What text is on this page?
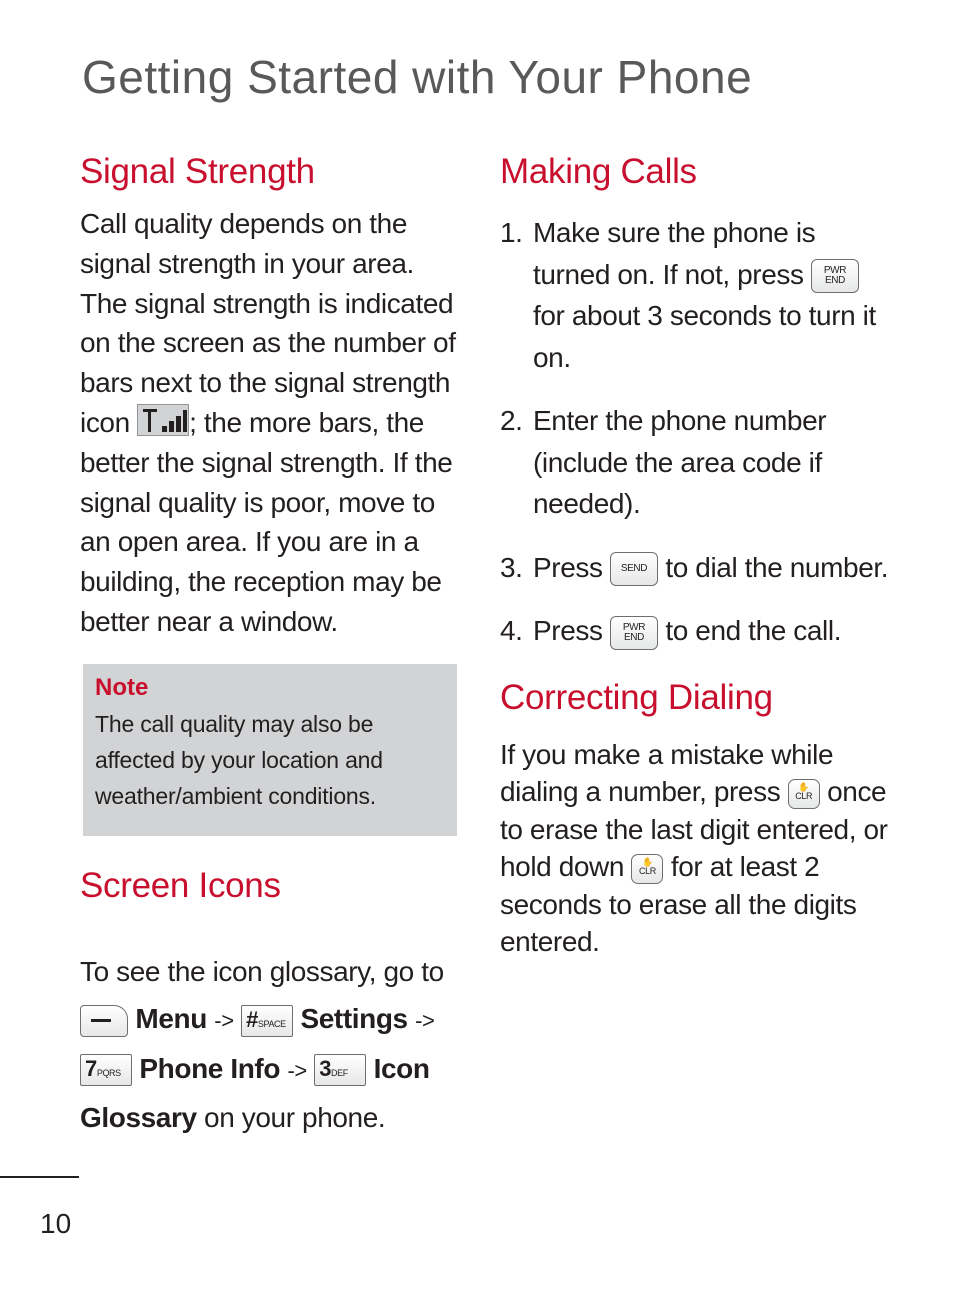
Getting Started with Your Phone
Signal Strength

Call quality depends on the signal strength in your area. The signal strength is indicated on the screen as the number of bars next to the signal strength icon ; the more bars, the better the signal strength. If the signal quality is poor, move to an open area. If you are in a building, the reception may be better near a window.

Note

The call quality may also be affected by your location and weather/ambient conditions.

Screen Icons

To see the icon glossary, go to
Menu -> #SPACE Settings ->
7PQRS Phone Info -> 3DEF Icon Glossary on your phone.

Making Calls
1. Make sure the phone is turned on. If not, press PWR
END for about 3 seconds to turn it on.
2. Enter the phone number (include the area code if needed).
3. Press SEND to dial the number.
4. Press PWR
END to end the call.
Correcting Dialing

If you make a mistake while dialing a number, press ✋
CLR once to erase the last digit entered, or hold down ✋
CLR for at least 2 seconds to erase all the digits entered.

10
